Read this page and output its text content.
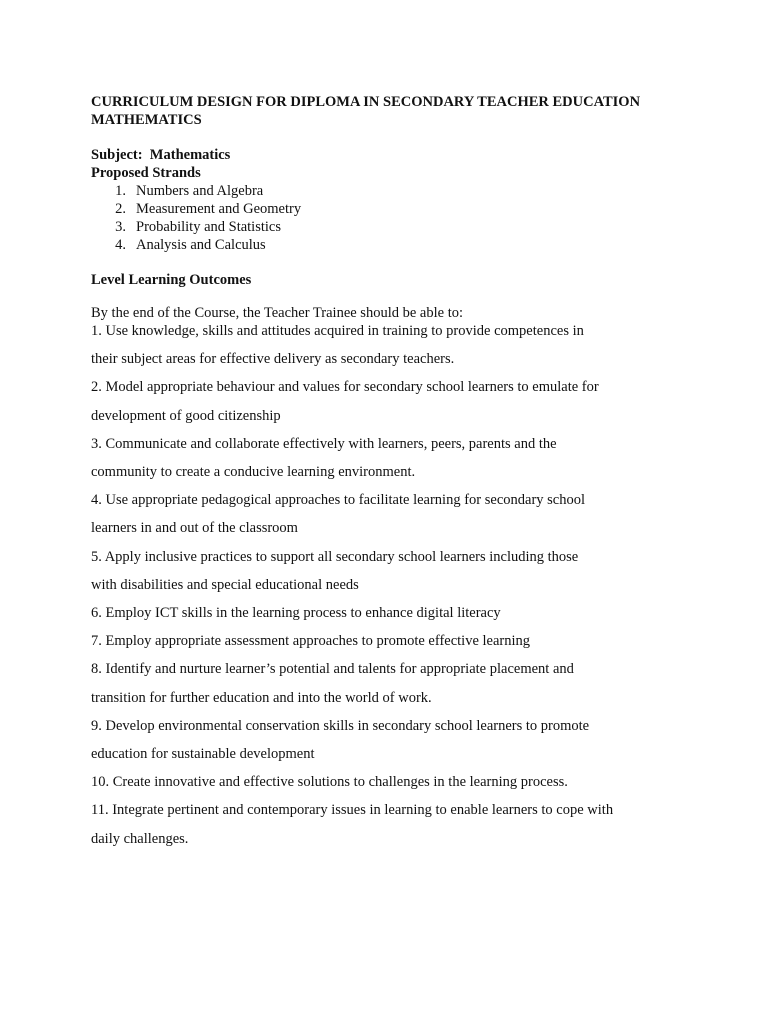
CURRICULUM DESIGN FOR DIPLOMA IN SECONDARY TEACHER EDUCATION
MATHEMATICS
Subject:  Mathematics
Proposed Strands
1. Numbers and Algebra
2. Measurement and Geometry
3. Probability and Statistics
4. Analysis and Calculus
Level Learning Outcomes
By the end of the Course, the Teacher Trainee should be able to:
1. Use knowledge, skills and attitudes acquired in training to provide competences in
their subject areas for effective delivery as secondary teachers.
2. Model appropriate behaviour and values for secondary school learners to emulate for
development of good citizenship
3. Communicate and collaborate effectively with learners, peers, parents and the
community to create a conducive learning environment.
4. Use appropriate pedagogical approaches to facilitate learning for secondary school
learners in and out of the classroom
5. Apply inclusive practices to support all secondary school learners including those
with disabilities and special educational needs
6. Employ ICT skills in the learning process to enhance digital literacy
7. Employ appropriate assessment approaches to promote effective learning
8. Identify and nurture learner’s potential and talents for appropriate placement and
transition for further education and into the world of work.
9. Develop environmental conservation skills in secondary school learners to promote
education for sustainable development
10. Create innovative and effective solutions to challenges in the learning process.
11. Integrate pertinent and contemporary issues in learning to enable learners to cope with
daily challenges.
